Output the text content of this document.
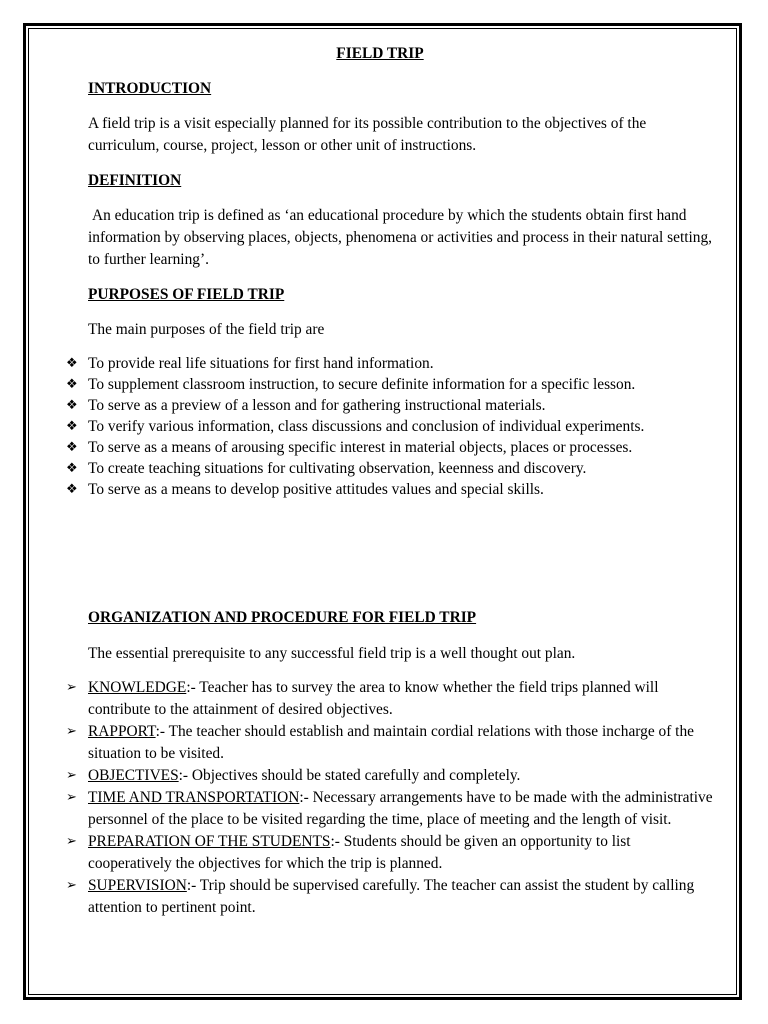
FIELD TRIP
INTRODUCTION
A field trip is a visit especially planned for its possible contribution to the objectives of the curriculum, course, project, lesson or other unit of instructions.
DEFINITION
An education trip is defined as ‘an educational procedure by which the students obtain first hand information by observing places, objects, phenomena or activities and process in their natural setting, to further learning’.
PURPOSES OF FIELD TRIP
The main purposes of the field trip are
❖ To provide real life situations for first hand information.
❖ To supplement classroom instruction, to secure definite information for a specific lesson.
❖ To serve as a preview of a lesson and for gathering instructional materials.
❖ To verify various information, class discussions and conclusion of individual experiments.
❖ To serve as a means of arousing specific interest in material objects, places or processes.
❖ To create teaching situations for cultivating observation, keenness and discovery.
❖ To serve as a means to develop positive attitudes values and special skills.
ORGANIZATION AND PROCEDURE FOR FIELD TRIP
The essential prerequisite to any successful field trip is a well thought out plan.
➢ KNOWLEDGE:- Teacher has to survey the area to know whether the field trips planned will contribute to the attainment of desired objectives.
➢ RAPPORT:- The teacher should establish and maintain cordial relations with those incharge of the situation to be visited.
➢ OBJECTIVES:- Objectives should be stated carefully and completely.
➢ TIME AND TRANSPORTATION:- Necessary arrangements have to be made with the administrative personnel of the place to be visited regarding the time, place of meeting and the length of visit.
➢ PREPARATION OF THE STUDENTS:- Students should be given an opportunity to list cooperatively the objectives for which the trip is planned.
➢ SUPERVISION:- Trip should be supervised carefully. The teacher can assist the student by calling attention to pertinent point.
